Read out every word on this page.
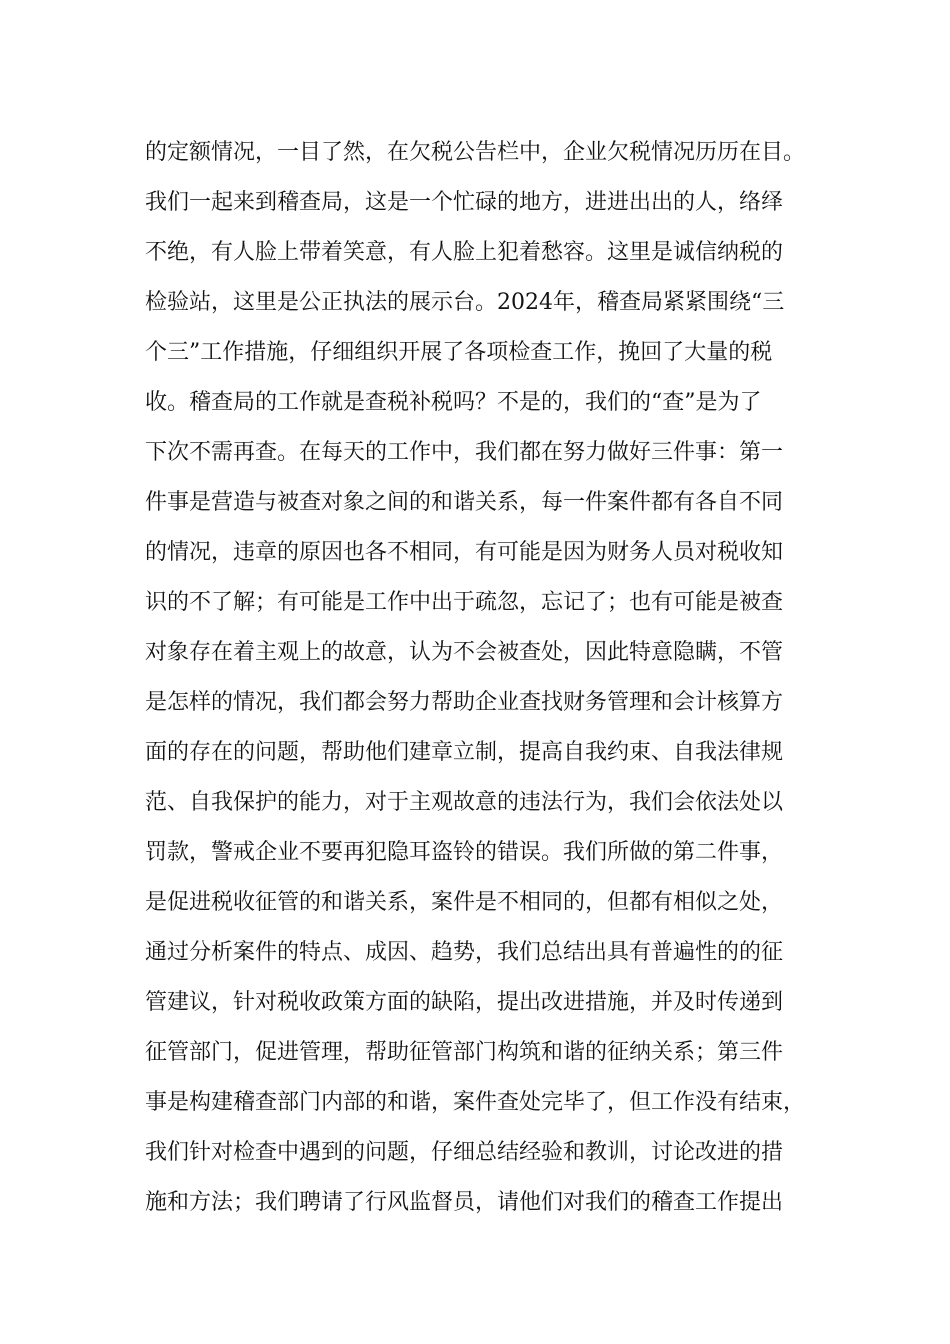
的定额情况，一目了然，在欠税公告栏中，企业欠税情况历历在目。
我们一起来到稽查局，这是一个忙碌的地方，进进出出的人，络绎
不绝，有人脸上带着笑意，有人脸上犯着愁容。这里是诚信纳税的
检验站，这里是公正执法的展示台。2024年，稽查局紧紧围绕“三
个三”工作措施，仔细组织开展了各项检查工作，挽回了大量的税
收。稽查局的工作就是查税补税吗？不是的，我们的“查”是为了
下次不需再查。在每天的工作中，我们都在努力做好三件事：第一
件事是营造与被查对象之间的和谐关系，每一件案件都有各自不同
的情况，违章的原因也各不相同，有可能是因为财务人员对税收知
识的不了解；有可能是工作中出于疏忽，忘记了；也有可能是被查
对象存在着主观上的故意，认为不会被查处，因此特意隐瞒，不管
是怎样的情况，我们都会努力帮助企业查找财务管理和会计核算方
面的存在的问题，帮助他们建章立制，提高自我约束、自我法律规
范、自我保护的能力，对于主观故意的违法行为，我们会依法处以
罚款，警戒企业不要再犯隐耳盗铃的错误。我们所做的第二件事，
是促进税收征管的和谐关系，案件是不相同的，但都有相似之处，
通过分析案件的特点、成因、趋势，我们总结出具有普遍性的的征
管建议，针对税收政策方面的缺陷，提出改进措施，并及时传递到
征管部门，促进管理，帮助征管部门构筑和谐的征纳关系；第三件
事是构建稽查部门内部的和谐，案件查处完毕了，但工作没有结束，
我们针对检查中遇到的问题，仔细总结经验和教训，讨论改进的措
施和方法；我们聘请了行风监督员，请他们对我们的稽查工作提出
